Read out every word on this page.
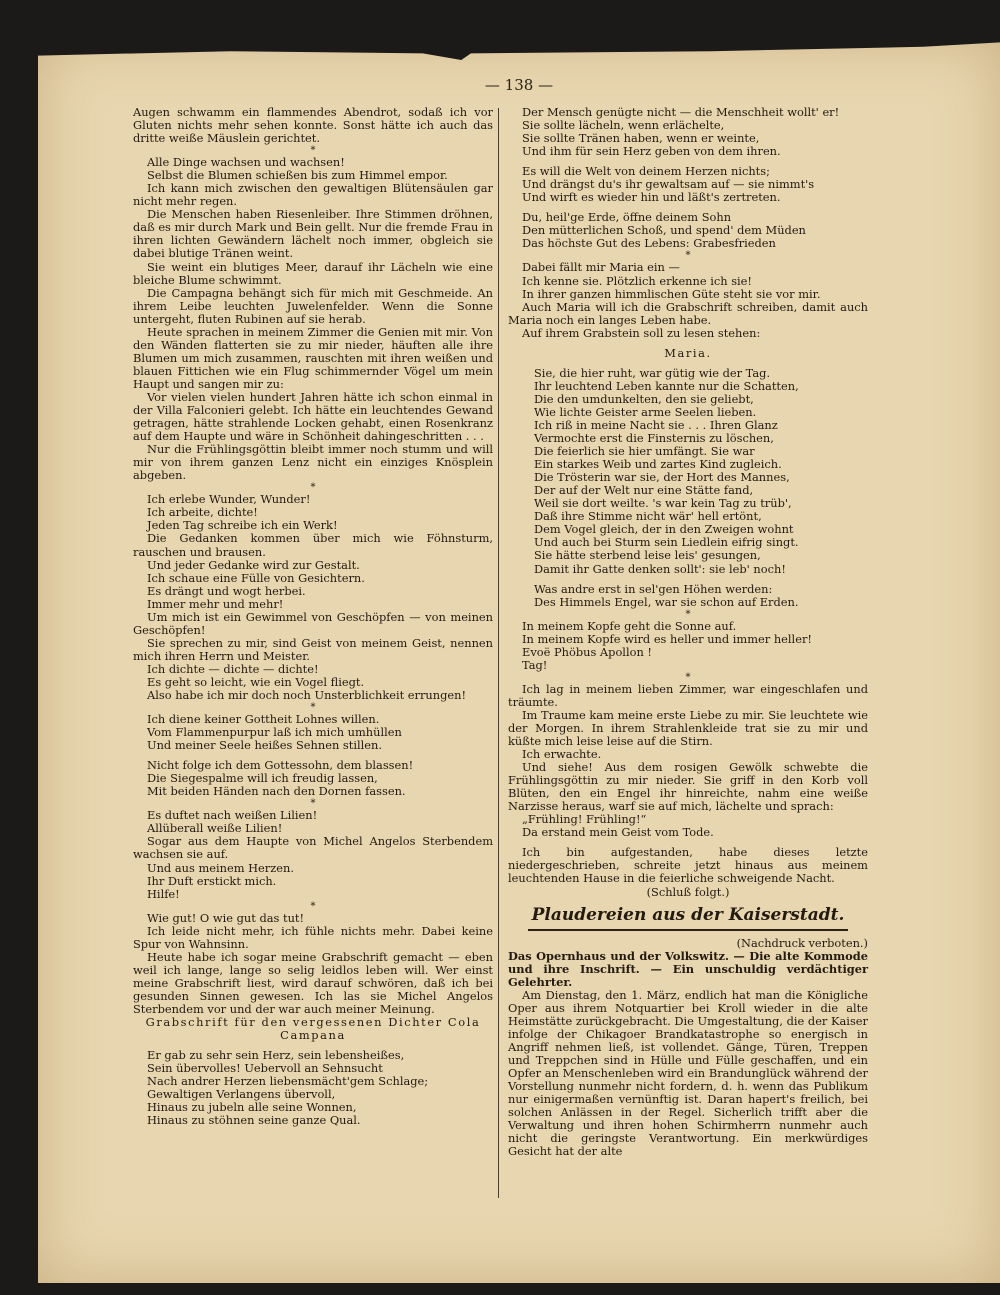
— 138 —

Augen schwamm ein flammendes Abendrot, sodaß ich vor Gluten nichts mehr sehen konnte. Sonst hätte ich auch das dritte weiße Mäuslein gerichtet.

*

Alle Dinge wachsen und wachsen!

Selbst die Blumen schießen bis zum Himmel empor.

Ich kann mich zwischen den gewaltigen Blütensäulen gar nicht mehr regen.

Die Menschen haben Riesenleiber. Ihre Stimmen dröhnen, daß es mir durch Mark und Bein gellt. Nur die fremde Frau in ihren lichten Gewändern lächelt noch immer, obgleich sie dabei blutige Tränen weint.

Sie weint ein blutiges Meer, darauf ihr Lächeln wie eine bleiche Blume schwimmt.

Die Campagna behängt sich für mich mit Geschmeide. An ihrem Leibe leuchten Juwelenfelder. Wenn die Sonne untergeht, fluten Rubinen auf sie herab.

Heute sprachen in meinem Zimmer die Genien mit mir. Von den Wänden flatterten sie zu mir nieder, häuften alle ihre Blumen um mich zusammen, rauschten mit ihren weißen und blauen Fittichen wie ein Flug schimmernder Vögel um mein Haupt und sangen mir zu:

Vor vielen vielen hundert Jahren hätte ich schon einmal in der Villa Falconieri gelebt. Ich hätte ein leuchtendes Gewand getragen, hätte strahlende Locken gehabt, einen Rosenkranz auf dem Haupte und wäre in Schönheit dahingeschritten . . .

Nur die Frühlingsgöttin bleibt immer noch stumm und will mir von ihrem ganzen Lenz nicht ein einziges Knösplein abgeben.

*

Ich erlebe Wunder, Wunder!

Ich arbeite, dichte!

Jeden Tag schreibe ich ein Werk!

Die Gedanken kommen über mich wie Föhnsturm, rauschen und brausen.

Und jeder Gedanke wird zur Gestalt.

Ich schaue eine Fülle von Gesichtern.

Es drängt und wogt herbei.

Immer mehr und mehr!

Um mich ist ein Gewimmel von Geschöpfen — von meinen Geschöpfen!

Sie sprechen zu mir, sind Geist von meinem Geist, nennen mich ihren Herrn und Meister.

Ich dichte — dichte — dichte!

Es geht so leicht, wie ein Vogel fliegt.

Also habe ich mir doch noch Unsterblichkeit errungen!

*

Ich diene keiner Gottheit Lohnes willen.

Vom Flammenpurpur laß ich mich umhüllen

Und meiner Seele heißes Sehnen stillen.

Nicht folge ich dem Gottessohn, dem blassen!

Die Siegespalme will ich freudig lassen,

Mit beiden Händen nach den Dornen fassen.

*

Es duftet nach weißen Lilien!

Allüberall weiße Lilien!

Sogar aus dem Haupte von Michel Angelos Sterbendem wachsen sie auf.

Und aus meinem Herzen.

Ihr Duft erstickt mich.

Hilfe!

*

Wie gut! O wie gut das tut!

Ich leide nicht mehr, ich fühle nichts mehr. Dabei keine Spur von Wahnsinn.

Heute habe ich sogar meine Grabschrift gemacht — eben weil ich lange, lange so selig leidlos leben will. Wer einst meine Grabschrift liest, wird darauf schwören, daß ich bei gesunden Sinnen gewesen. Ich las sie Michel Angelos Sterbendem vor und der war auch meiner Meinung.

Grabschrift für den vergessenen Dichter Cola Campana

Er gab zu sehr sein Herz, sein lebensheißes,

Sein übervolles! Uebervoll an Sehnsucht

Nach andrer Herzen liebensmächt'gem Schlage;

Gewaltigen Verlangens übervoll,

Hinaus zu jubeln alle seine Wonnen,

Hinaus zu stöhnen seine ganze Qual.

Der Mensch genügte nicht — die Menschheit wollt' er!

Sie sollte lächeln, wenn erlächelte,

Sie sollte Tränen haben, wenn er weinte,

Und ihm für sein Herz geben von dem ihren.

Es will die Welt von deinem Herzen nichts;

Und drängst du's ihr gewaltsam auf — sie nimmt's

Und wirft es wieder hin und läßt's zertreten.

Du, heil'ge Erde, öffne deinem Sohn

Den mütterlichen Schoß, und spend' dem Müden

Das höchste Gut des Lebens: Grabesfrieden

*

Dabei fällt mir Maria ein —

Ich kenne sie. Plötzlich erkenne ich sie!

In ihrer ganzen himmlischen Güte steht sie vor mir.

Auch Maria will ich die Grabschrift schreiben, damit auch Maria noch ein langes Leben habe.

Auf ihrem Grabstein soll zu lesen stehen:

Maria.

Sie, die hier ruht, war gütig wie der Tag.

Ihr leuchtend Leben kannte nur die Schatten,

Die den umdunkelten, den sie geliebt,

Wie lichte Geister arme Seelen lieben.

Ich riß in meine Nacht sie . . . Ihren Glanz

Vermochte erst die Finsternis zu löschen,

Die feierlich sie hier umfängt. Sie war

Ein starkes Weib und zartes Kind zugleich.

Die Trösterin war sie, der Hort des Mannes,

Der auf der Welt nur eine Stätte fand,

Weil sie dort weilte. 's war kein Tag zu trüb',

Daß ihre Stimme nicht wär' hell ertönt,

Dem Vogel gleich, der in den Zweigen wohnt

Und auch bei Sturm sein Liedlein eifrig singt.

Sie hätte sterbend leise leis' gesungen,

Damit ihr Gatte denken sollt': sie leb' noch!

Was andre erst in sel'gen Höhen werden:

Des Himmels Engel, war sie schon auf Erden.

*

In meinem Kopfe geht die Sonne auf.

In meinem Kopfe wird es heller und immer heller!

Evoë Phöbus Apollon !

Tag!

*

Ich lag in meinem lieben Zimmer, war eingeschlafen und träumte.

Im Traume kam meine erste Liebe zu mir. Sie leuchtete wie der Morgen. In ihrem Strahlenkleide trat sie zu mir und küßte mich leise leise auf die Stirn.

Ich erwachte.

Und siehe! Aus dem rosigen Gewölk schwebte die Frühlingsgöttin zu mir nieder. Sie griff in den Korb voll Blüten, den ein Engel ihr hinreichte, nahm eine weiße Narzisse heraus, warf sie auf mich, lächelte und sprach:

„Frühling! Frühling!“

Da erstand mein Geist vom Tode.

Ich bin aufgestanden, habe dieses letzte niedergeschrieben, schreite jetzt hinaus aus meinem leuchtenden Hause in die feierliche schweigende Nacht.

(Schluß folgt.)

Plaudereien aus der Kaiserstadt.

(Nachdruck verboten.)

Das Opernhaus und der Volkswitz. — Die alte Kommode und ihre Inschrift. — Ein unschuldig verdächtiger Gelehrter.

Am Dienstag, den 1. März, endlich hat man die Königliche Oper aus ihrem Notquartier bei Kroll wieder in die alte Heimstätte zurückgebracht. Die Umgestaltung, die der Kaiser infolge der Chikagoer Brandkatastrophe so energisch in Angriff nehmen ließ, ist vollendet. Gänge, Türen, Treppen und Treppchen sind in Hülle und Fülle geschaffen, und ein Opfer an Menschenleben wird ein Brandunglück während der Vorstellung nunmehr nicht fordern, d. h. wenn das Publikum nur einigermaßen vernünftig ist. Daran hapert's freilich, bei solchen Anlässen in der Regel. Sicherlich trifft aber die Verwaltung und ihren hohen Schirmherrn nunmehr auch nicht die geringste Verantwortung. Ein merkwürdiges Gesicht hat der alte
